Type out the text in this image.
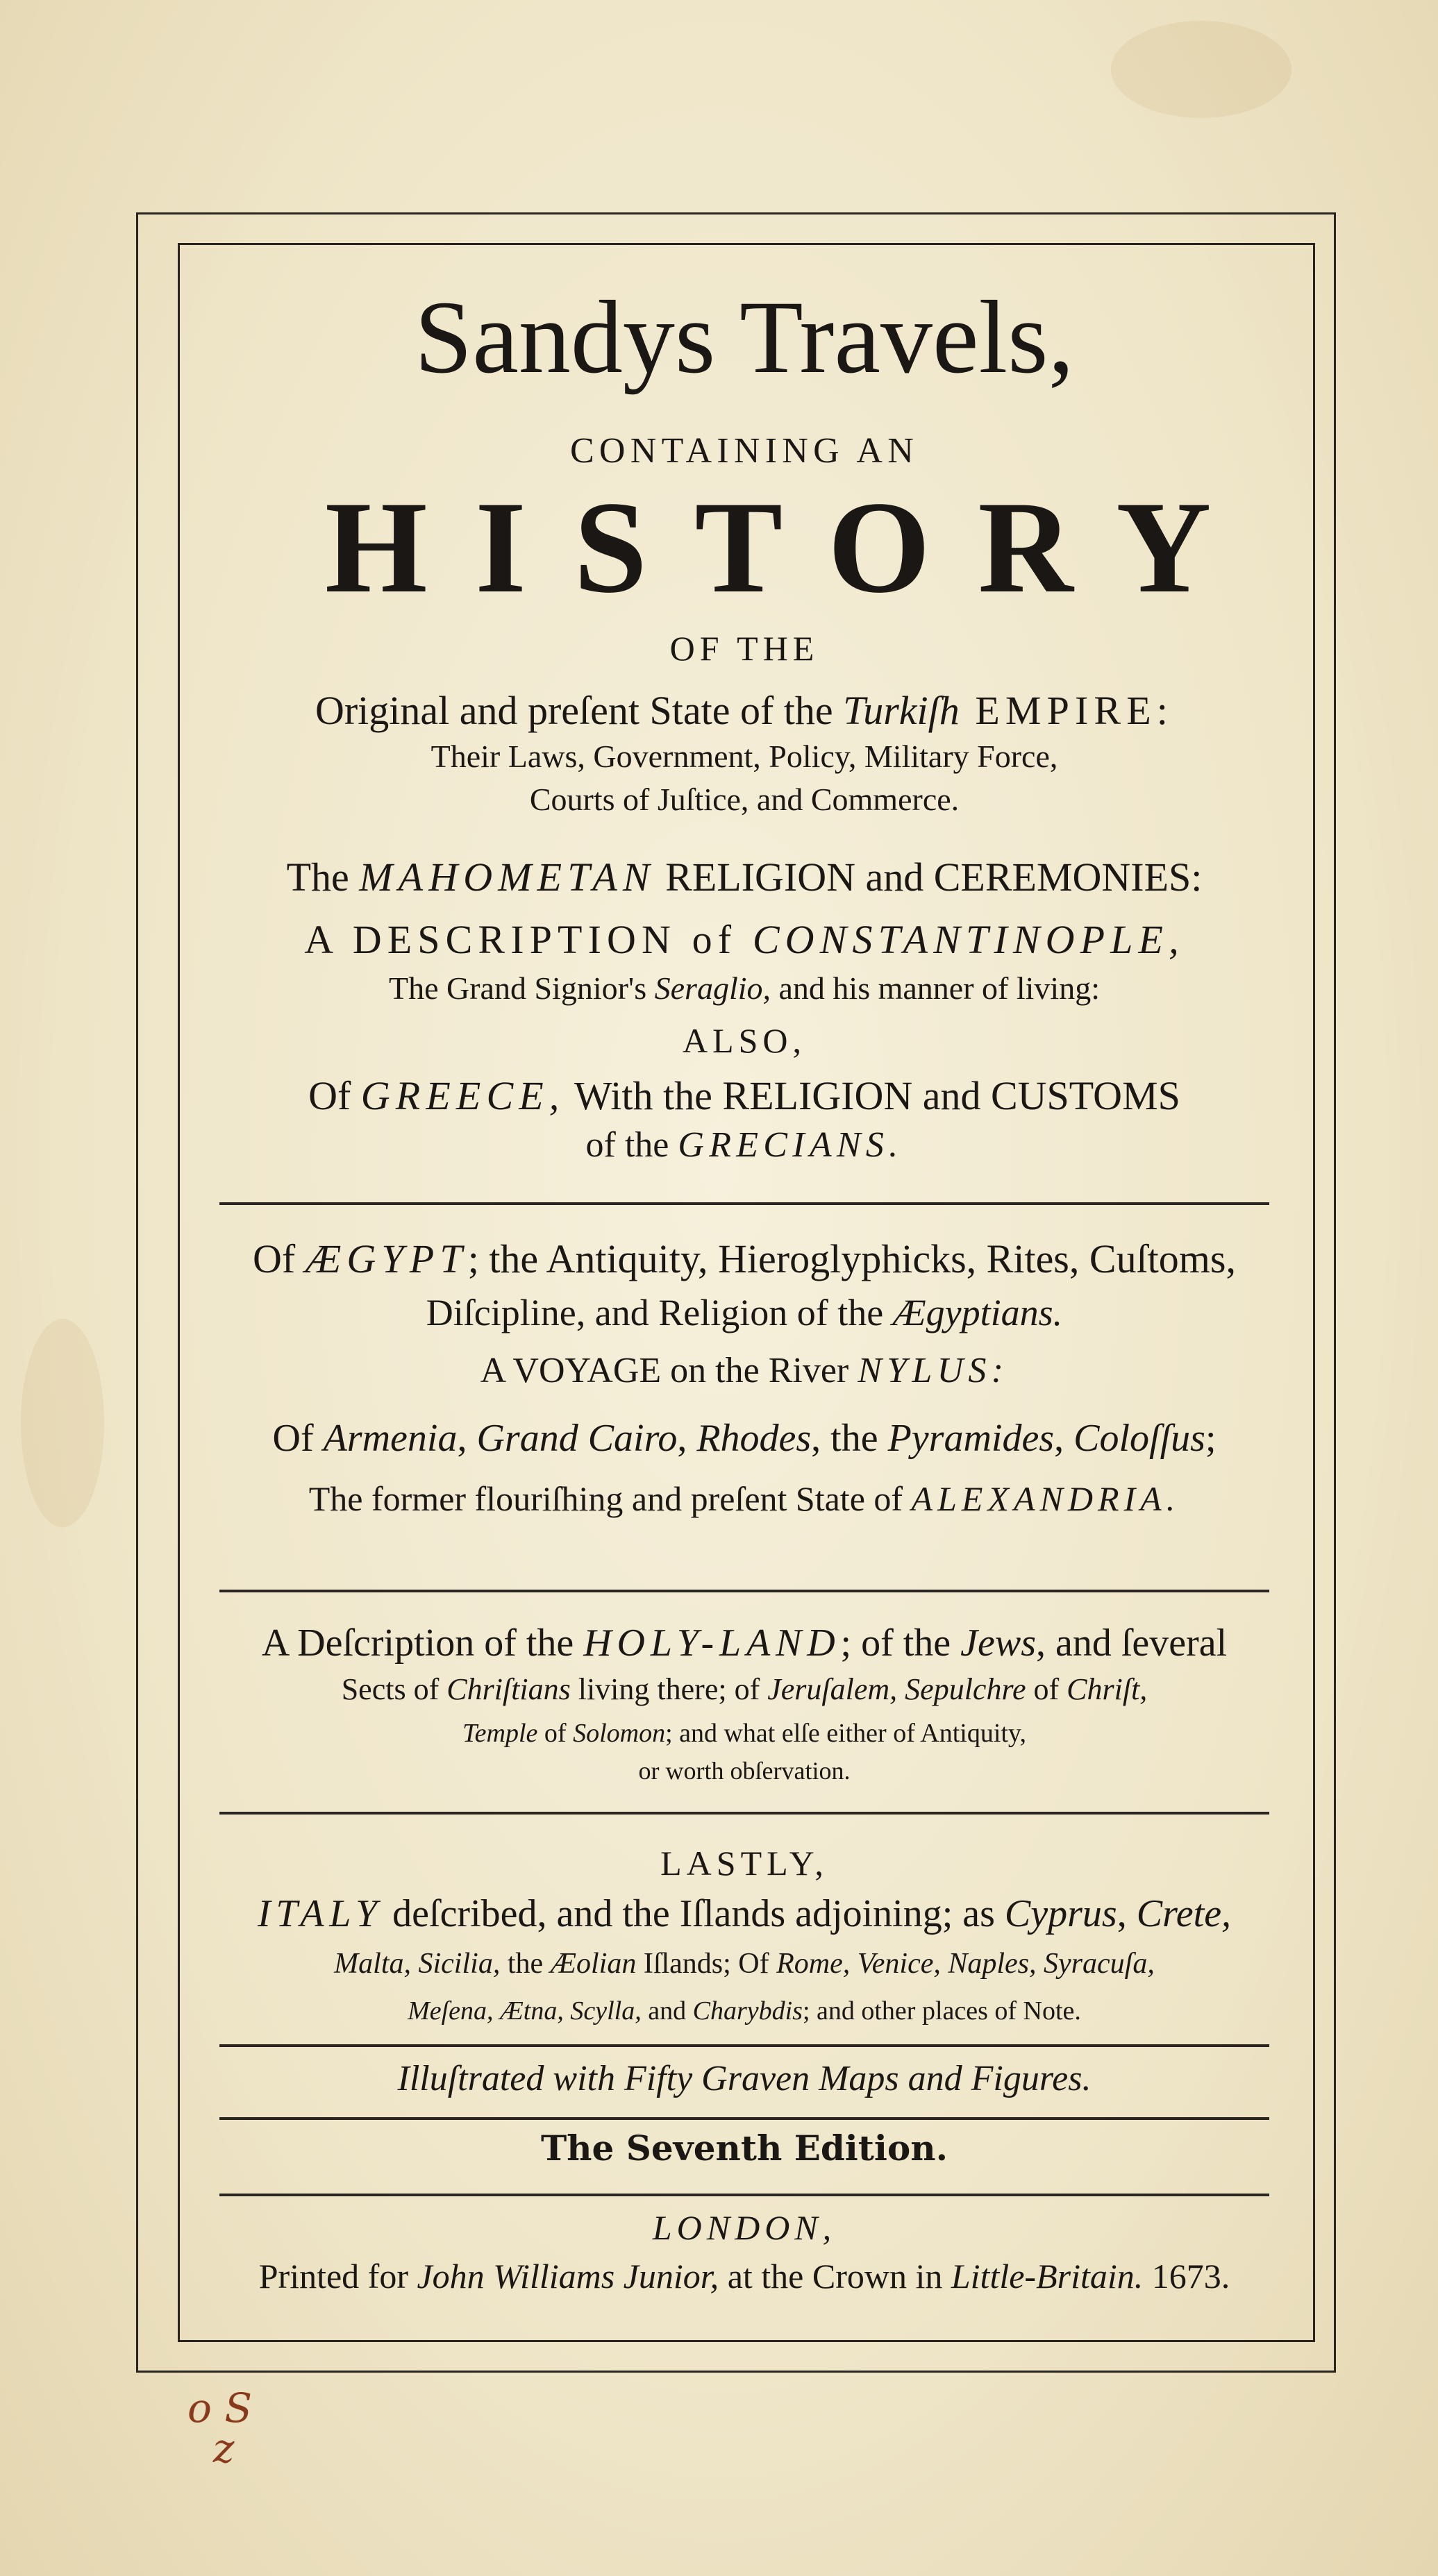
Sandys Travels,
CONTAINING AN
HISTORY
OF THE
Original and preſent State of the Turkiſh EMPIRE:
Their Laws, Government, Policy, Military Force,
Courts of Juſtice, and Commerce.
The MAHOMETAN RELIGION and CEREMONIES:
A DESCRIPTION of CONSTANTINOPLE,
The Grand Signior's Seraglio, and his manner of living:
ALSO,
Of GREECE, With the RELIGION and CUSTOMS
of the GRECIANS.
Of ÆGYPT; the Antiquity, Hieroglyphicks, Rites, Cuſtoms,
Diſcipline, and Religion of the Ægyptians.
A VOYAGE on the River NYLUS:
Of Armenia, Grand Cairo, Rhodes, the Pyramides, Coloſſus;
The former flouriſhing and preſent State of ALEXANDRIA.
A Deſcription of the HOLY-LAND; of the Jews, and ſeveral
Sects of Chriſtians living there; of Jeruſalem, Sepulchre of Chriſt,
Temple of Solomon; and what elſe either of Antiquity,
or worth obſervation.
LASTLY,
ITALY deſcribed, and the Iſlands adjoining; as Cyprus, Crete,
Malta, Sicilia, the Æolian Iſlands; Of Rome, Venice, Naples, Syracuſa,
Meſena, Ætna, Scylla, and Charybdis; and other places of Note.
Illuſtrated with Fifty Graven Maps and Figures.
The Seventh Edition.
LONDON,
Printed for John Williams Junior, at the Crown in Little-Britain. 1673.
o S
z
